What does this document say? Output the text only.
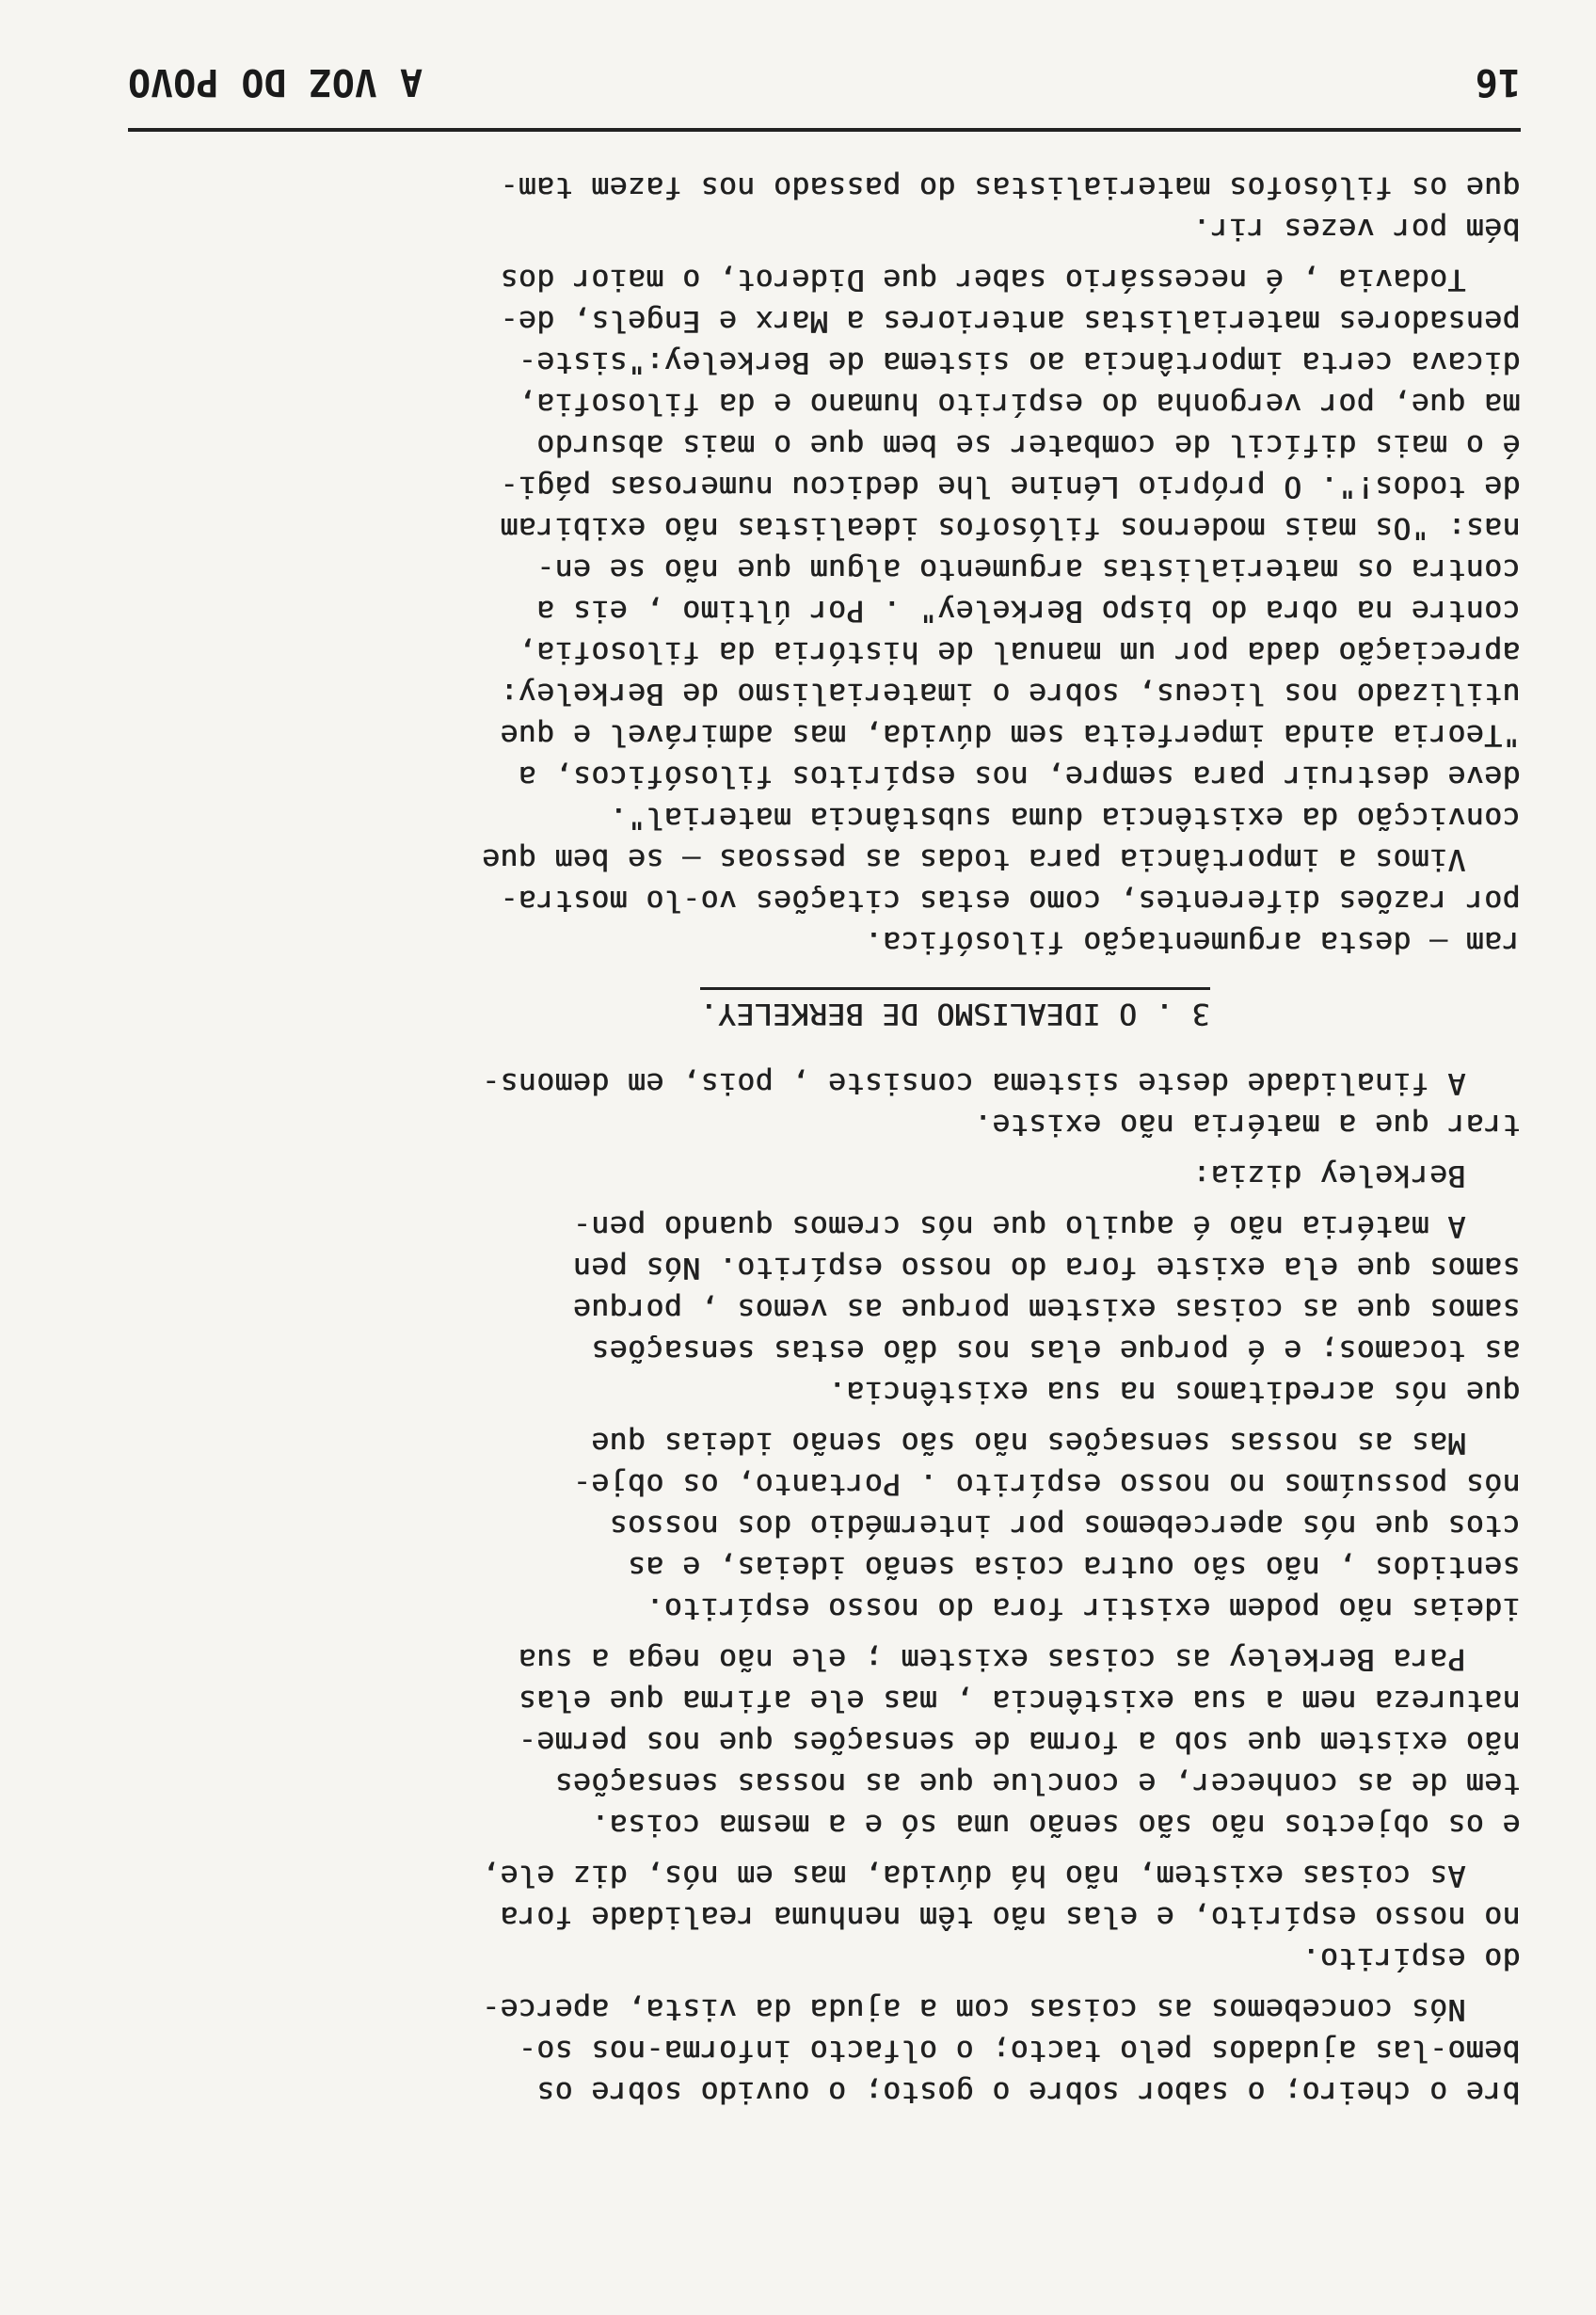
16
A VOZ DO POVO
que os filósofos materialistas do passado nos fazem tam-
bém por vezes rir.
Todavia , é necessário saber que Diderot, o maior dos
pensadores materialistas anteriores a Marx e Engels, de-
dicava certa importância ao sistema de Berkeley:"siste-
ma que, por vergonha do espírito humano e da filosofia,
é o mais difícil de combater se bem que o mais absurdo
de todos!". O próprio Lénine lhe dedicou numerosas pági-
nas: "Os mais modernos filósofos idealistas não exibiram
contra os materialistas argumento algum que não se en-
contre na obra do bispo Berkeley" . Por último , eis a
apreciação dada por um manual de história da filosofia,
utilizado nos liceus, sobre o imaterialismo de Berkeley:
"Teoria ainda imperfeita sem dúvida, mas admirável e que
deve destruir para sempre, nos espíritos filosóficos, a
convicção da existência duma substância material".
Vimos a importância para todas as pessoas — se bem que
por razões diferentes, como estas citações vo-lo mostra-
ram — desta argumentação filosófica.
3 . O IDEALISMO DE BERKELEY.
A finalidade deste sistema consiste , pois, em demons-
trar que a matéria não existe.
Berkeley dizia:
A matéria não é aquilo que nós cremos quando pen-
samos que ela existe fora do nosso espírito. Nós pen
samos que as coisas existem porque as vemos , porque
as tocamos; e é porque elas nos dão estas sensações
que nós acreditamos na sua existência.
Mas as nossas sensações não são senão ideias que
nós possuímos no nosso espírito . Portanto, os obje-
ctos que nós apercebemos por intermédio dos nossos
sentidos , não são outra coisa senão ideias, e as
ideias não podem existir fora do nosso espírito.
Para Berkeley as coisas existem ; ele não nega a sua
natureza nem a sua existência , mas ele afirma que elas
não existem que sob a forma de sensações que nos perme-
tem de as conhecer, e conclue que as nossas sensações
e os objectos não são senão uma só e a mesma coisa.
As coisas existem, não há dúvida, mas em nós, diz ele,
no nosso espírito, e elas não têm nenhuma realidade fora
do espírito.
Nós concebemos as coisas com a ajuda da vista, aperce-
bemo-las ajudados pelo tacto; o olfacto informa-nos so-
bre o cheiro; o sabor sobre o gosto; o ouvido sobre os
